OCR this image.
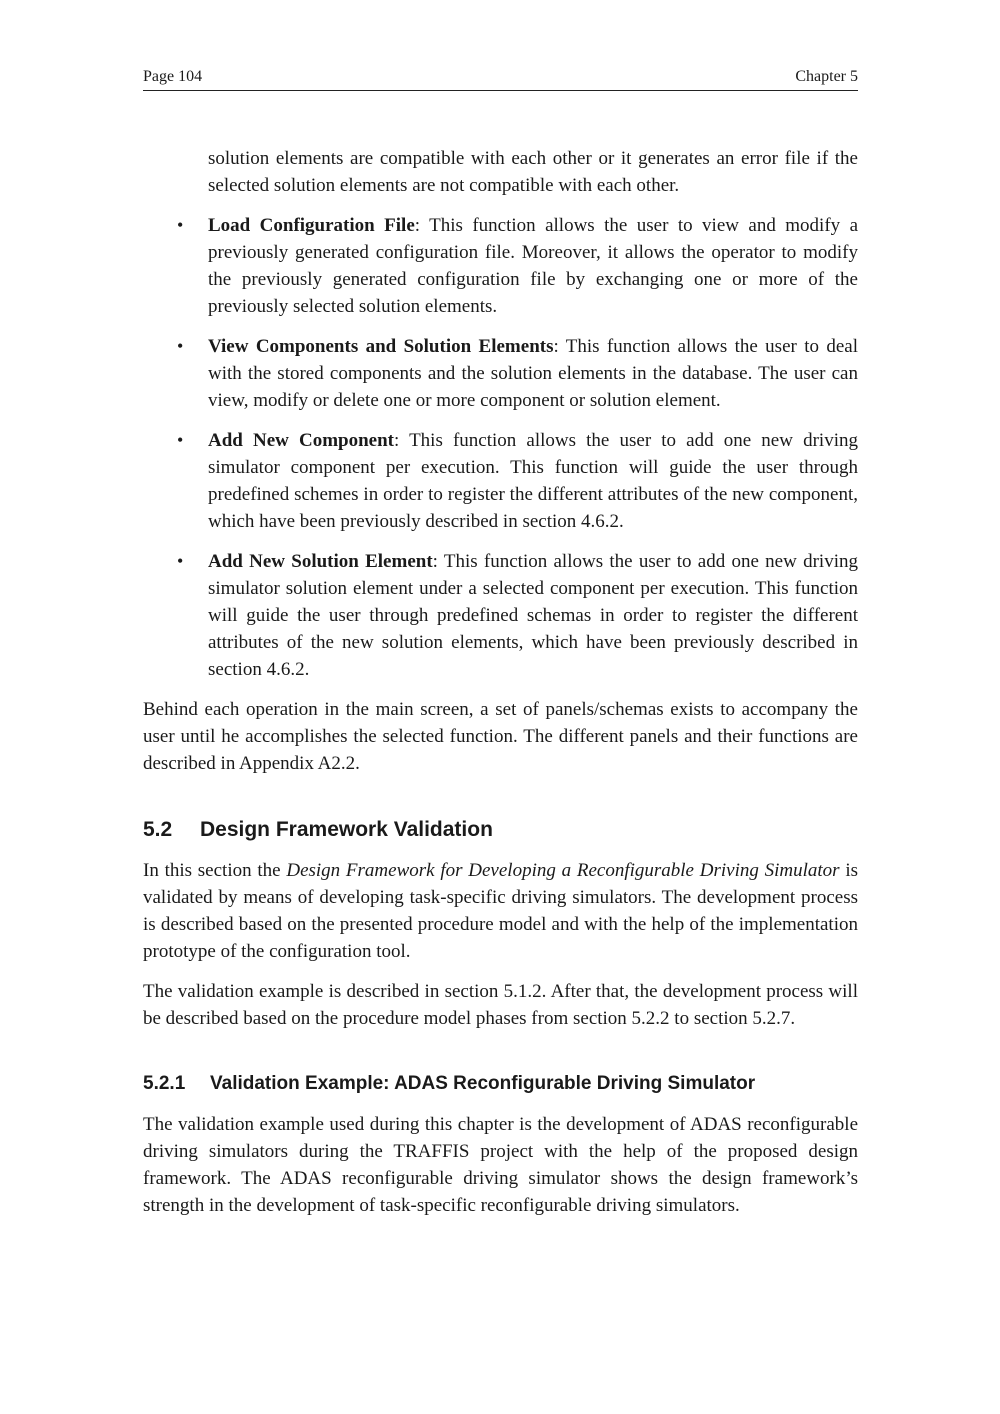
Page 104	Chapter 5

solution elements are compatible with each other or it generates an error file if the selected solution elements are not compatible with each other.

• Load Configuration File: This function allows the user to view and modify a previously generated configuration file. Moreover, it allows the operator to modify the previously generated configuration file by exchanging one or more of the previously selected solution elements.
• View Components and Solution Elements: This function allows the user to deal with the stored components and the solution elements in the database. The user can view, modify or delete one or more component or solution element.
• Add New Component: This function allows the user to add one new driving simulator component per execution. This function will guide the user through predefined schemes in order to register the different attributes of the new component, which have been previously described in section 4.6.2.
• Add New Solution Element: This function allows the user to add one new driving simulator solution element under a selected component per execution. This function will guide the user through predefined schemas in order to register the different attributes of the new solution elements, which have been previously described in section 4.6.2.

Behind each operation in the main screen, a set of panels/schemas exists to accompany the user until he accomplishes the selected function. The different panels and their functions are described in Appendix A2.2.

5.2	Design Framework Validation

In this section the Design Framework for Developing a Reconfigurable Driving Simulator is validated by means of developing task-specific driving simulators. The development process is described based on the presented procedure model and with the help of the implementation prototype of the configuration tool.

The validation example is described in section 5.1.2. After that, the development process will be described based on the procedure model phases from section 5.2.2 to section 5.2.7.

5.2.1	Validation Example: ADAS Reconfigurable Driving Simulator

The validation example used during this chapter is the development of ADAS reconfigurable driving simulators during the TRAFFIS project with the help of the proposed design framework. The ADAS reconfigurable driving simulator shows the design framework’s strength in the development of task-specific reconfigurable driving simulators.
